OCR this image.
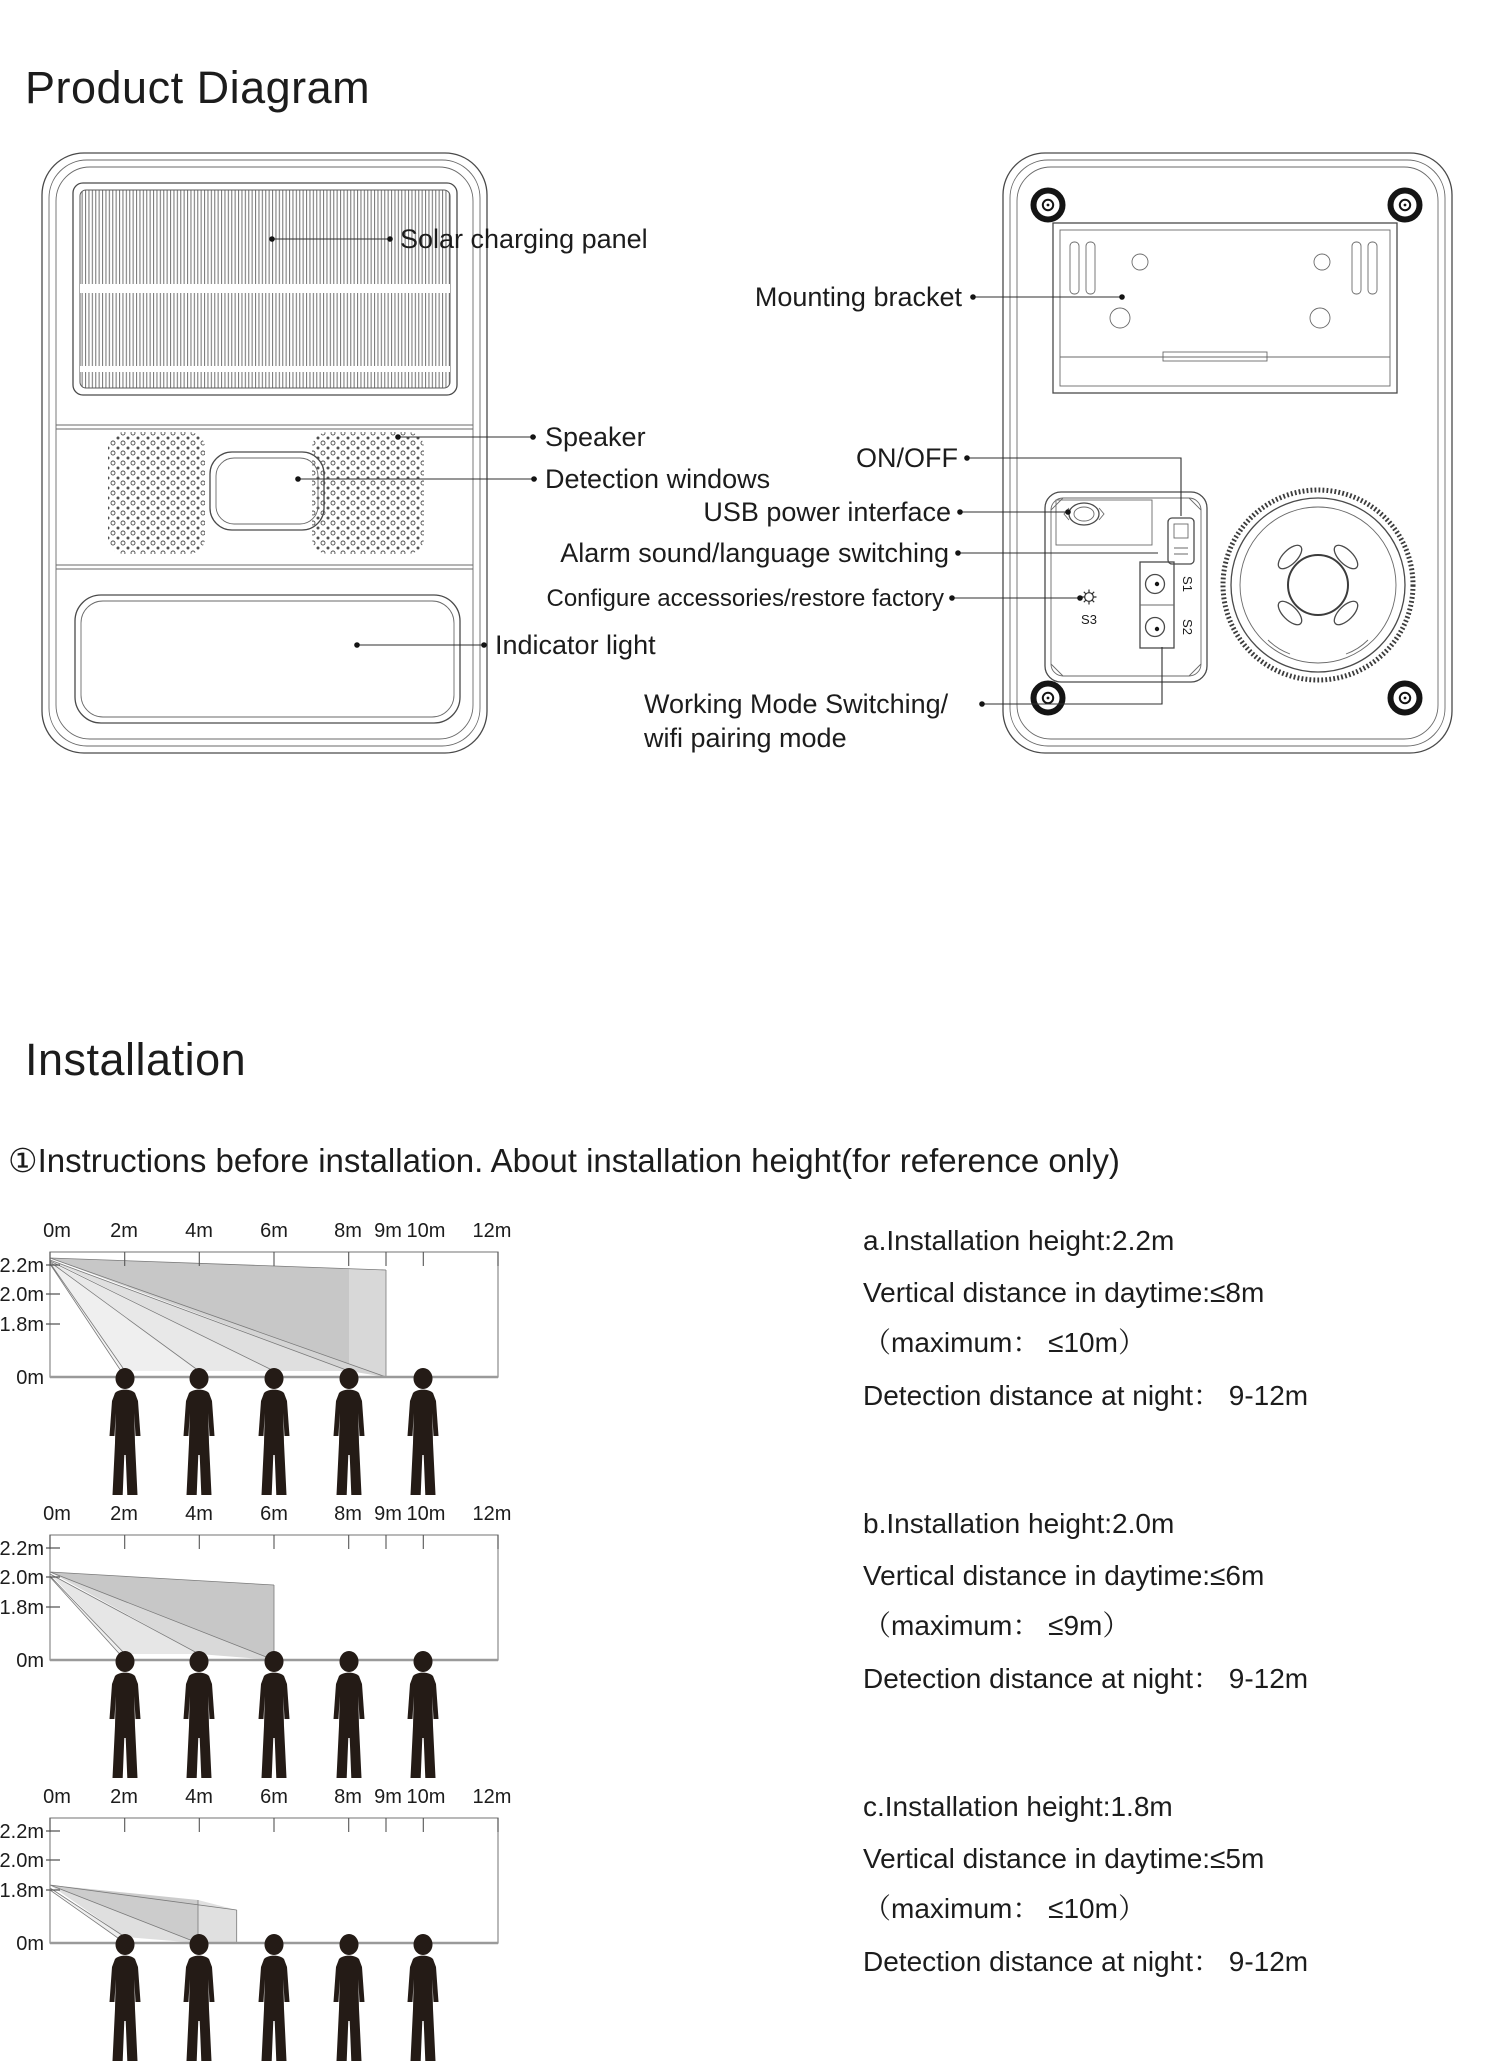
Product Diagram
S1
S2
S3
Solar charging panel
Speaker
Detection windows
Indicator light
Mounting bracket
ON/OFF
USB power interface
Alarm sound/language switching
Configure accessories/restore factory
Working Mode Switching/
wifi pairing mode
Installation
①Instructions before installation. About installation height(for reference only)
0m 2m 4m 6m 8m 9m 10m 12m
2.2m
2.0m
1.8m
0m
a.Installation height:2.2m
Vertical distance in daytime:≤8m
（maximum： ≤10m）
Detection distance at night： 9-12m
0m 2m 4m 6m 8m 9m 10m 12m
2.2m
2.0m
1.8m
0m
b.Installation height:2.0m
Vertical distance in daytime:≤6m
（maximum： ≤9m）
Detection distance at night： 9-12m
0m 2m 4m 6m 8m 9m 10m 12m
2.2m
2.0m
1.8m
0m
c.Installation height:1.8m
Vertical distance in daytime:≤5m
（maximum： ≤10m）
Detection distance at night： 9-12m
